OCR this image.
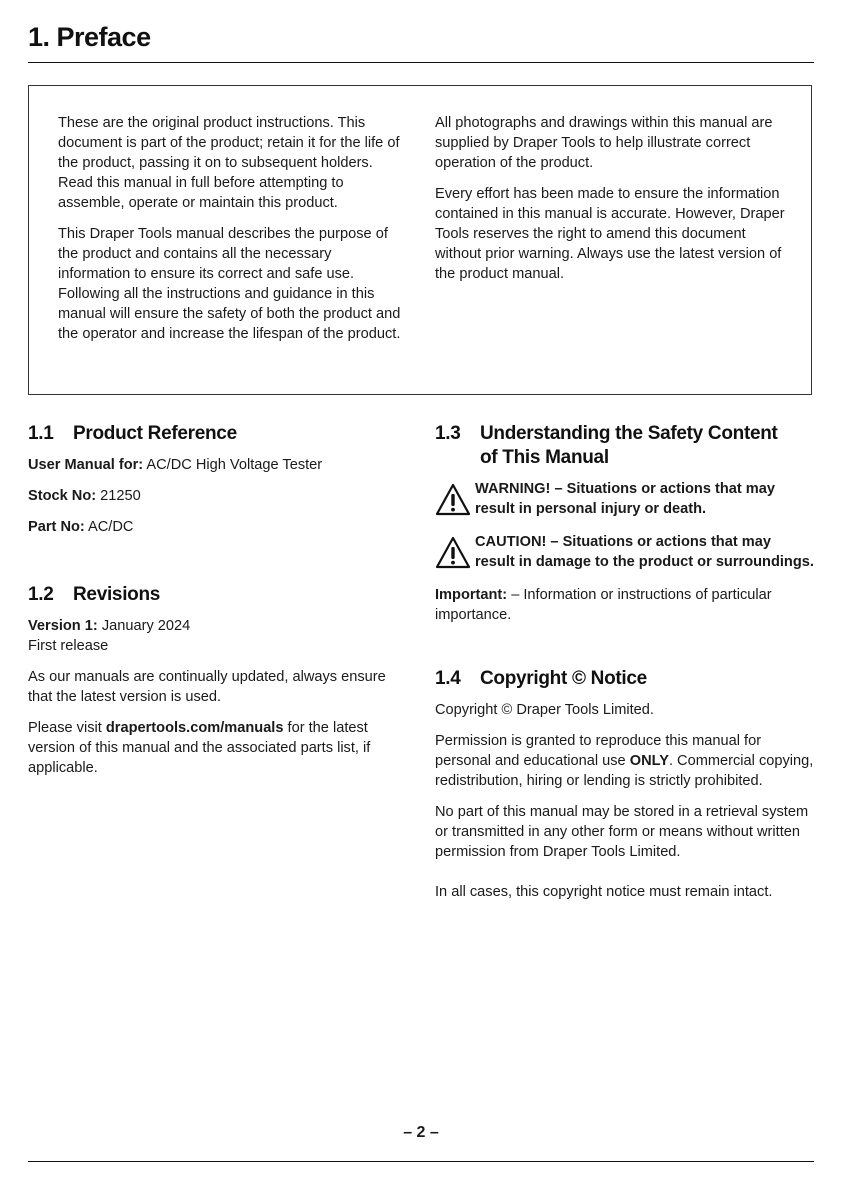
1. Preface

These are the original product instructions. This document is part of the product; retain it for the life of the product, passing it on to subsequent holders. Read this manual in full before attempting to assemble, operate or maintain this product.

This Draper Tools manual describes the purpose of the product and contains all the necessary information to ensure its correct and safe use. Following all the instructions and guidance in this manual will ensure the safety of both the product and the operator and increase the lifespan of the product.

All photographs and drawings within this manual are supplied by Draper Tools to help illustrate correct operation of the product.

Every effort has been made to ensure the information contained in this manual is accurate. However, Draper Tools reserves the right to amend this document without prior warning. Always use the latest version of the product manual.

1.1	Product Reference

User Manual for: AC/DC High Voltage Tester

Stock No: 21250

Part No: AC/DC

1.2	Revisions

Version 1: January 2024

First release

As our manuals are continually updated, always ensure that the latest version is used.

Please visit drapertools.com/manuals for the latest version of this manual and the associated parts list, if applicable.

1.3	Understanding the Safety Content
of This Manual
WARNING! – Situations or actions that may result in personal injury or death.
CAUTION! – Situations or actions that may
result in damage to the product or surroundings.

Important: – Information or instructions of particular importance.

1.4	Copyright © Notice

Copyright © Draper Tools Limited.

Permission is granted to reproduce this manual for personal and educational use ONLY. Commercial copying, redistribution, hiring or lending is strictly prohibited.

No part of this manual may be stored in a retrieval system or transmitted in any other form or means without written permission from Draper Tools Limited.

In all cases, this copyright notice must remain intact.

– 2 –
